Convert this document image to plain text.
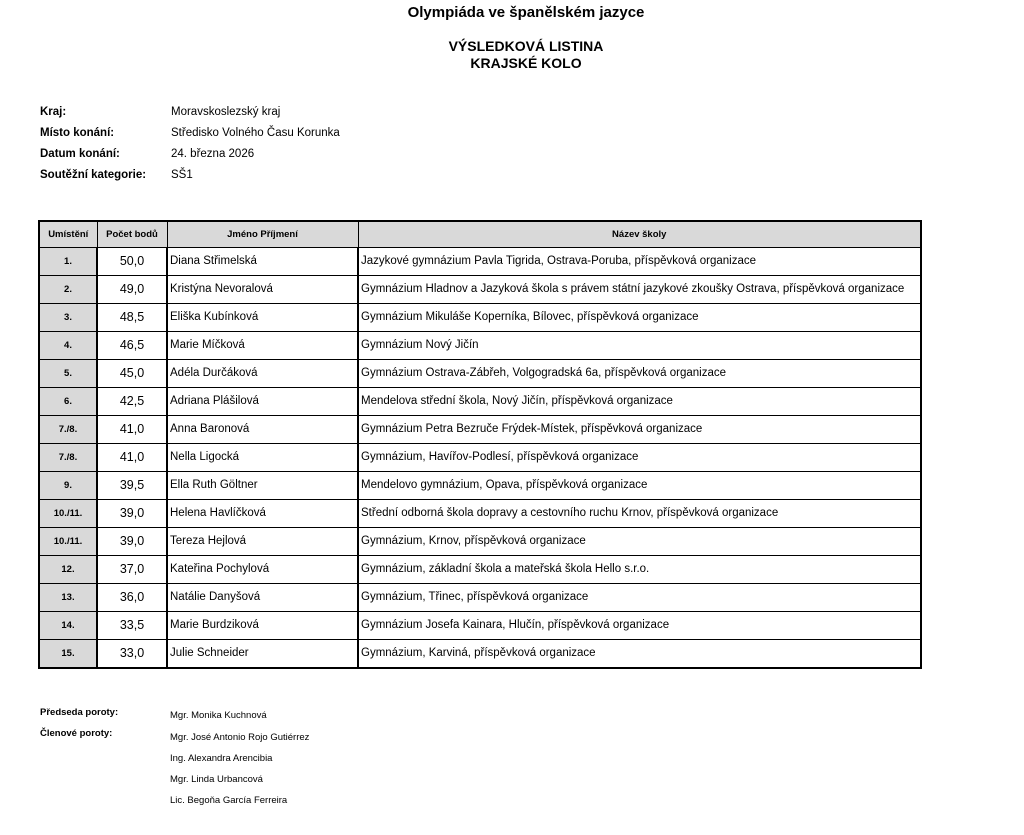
Olympiáda ve španělském jazyce
VÝSLEDKOVÁ LISTINA
KRAJSKÉ KOLO
Kraj:	Moravskoslezský kraj
Místo konání:	Středisko Volného Času Korunka
Datum konání:	24. března 2026
Soutěžní kategorie:	SŠ1
Umístění	Počet bodů	Jméno Příjmení	Název školy
1.	50,0	Diana Střimelská	Jazykové gymnázium Pavla Tigrida, Ostrava-Poruba, příspěvková organizace
2.	49,0	Kristýna Nevoralová	Gymnázium Hladnov a Jazyková škola s právem státní jazykové zkoušky Ostrava, příspěvková organizace
3.	48,5	Eliška Kubínková	Gymnázium Mikuláše Koperníka, Bílovec, příspěvková organizace
4.	46,5	Marie Míčková	Gymnázium Nový Jičín
5.	45,0	Adéla Durčáková	Gymnázium Ostrava-Zábřeh, Volgogradská 6a, příspěvková organizace
6.	42,5	Adriana Plášilová	Mendelova střední škola, Nový Jičín, příspěvková organizace
7./8.	41,0	Anna Baronová	Gymnázium Petra Bezruče Frýdek-Místek, příspěvková organizace
7./8.	41,0	Nella Ligocká	Gymnázium, Havířov-Podlesí, příspěvková organizace
9.	39,5	Ella Ruth Göltner	Mendelovo gymnázium, Opava, příspěvková organizace
10./11.	39,0	Helena Havlíčková	Střední odborná škola dopravy a cestovního ruchu Krnov, příspěvková organizace
10./11.	39,0	Tereza Hejlová	Gymnázium, Krnov, příspěvková organizace
12.	37,0	Kateřina Pochylová	Gymnázium, základní škola a mateřská škola Hello s.r.o.
13.	36,0	Natálie Danyšová	Gymnázium, Třinec, příspěvková organizace
14.	33,5	Marie Burdziková	Gymnázium Josefa Kainara, Hlučín, příspěvková organizace
15.	33,0	Julie Schneider	Gymnázium, Karviná, příspěvková organizace
Předseda poroty:	Mgr. Monika Kuchnová
Členové poroty:	Mgr. José Antonio Rojo Gutiérrez
Ing. Alexandra Arencibia
Mgr. Linda Urbancová
Lic. Begoňa García Ferreira
